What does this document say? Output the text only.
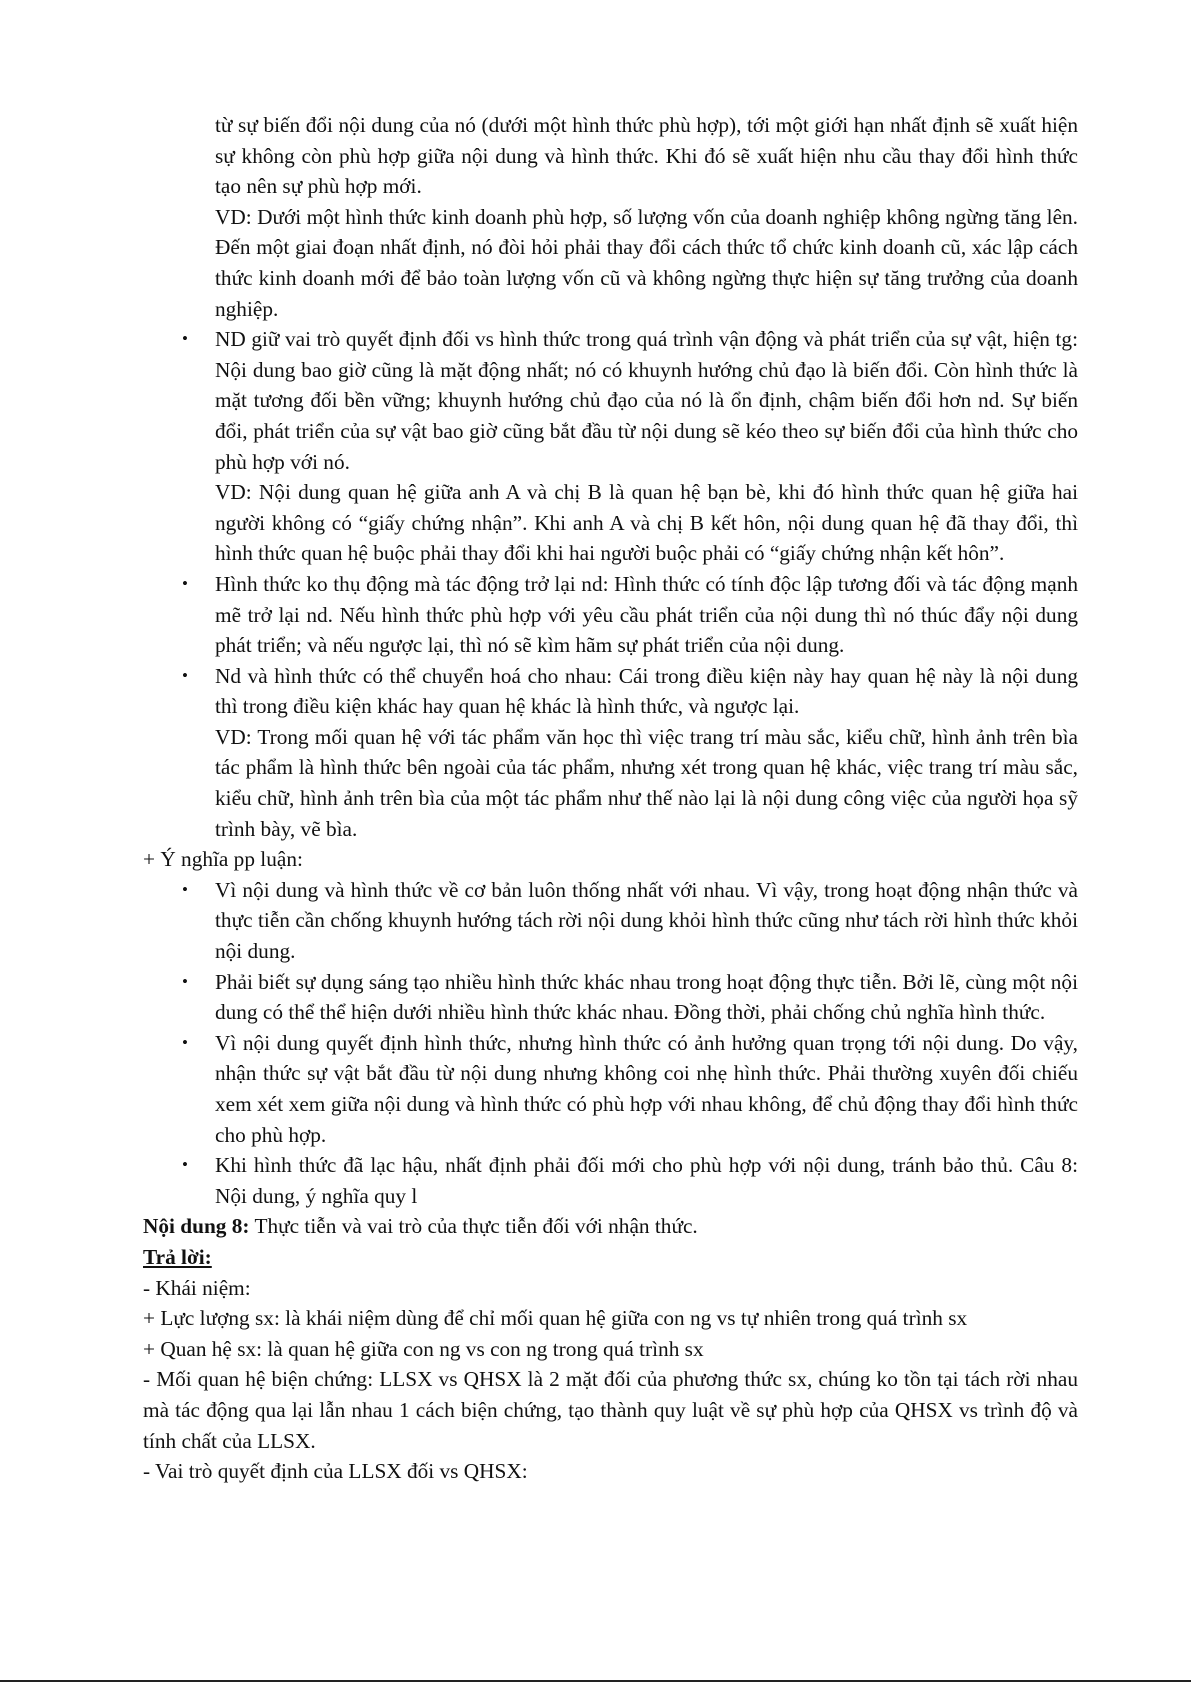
từ sự biến đổi nội dung của nó (dưới một hình thức phù hợp), tới một giới hạn nhất định sẽ xuất hiện sự không còn phù hợp giữa nội dung và hình thức. Khi đó sẽ xuất hiện nhu cầu thay đổi hình thức tạo nên sự phù hợp mới.

VD: Dưới một hình thức kinh doanh phù hợp, số lượng vốn của doanh nghiệp không ngừng tăng lên. Đến một giai đoạn nhất định, nó đòi hỏi phải thay đổi cách thức tổ chức kinh doanh cũ, xác lập cách thức kinh doanh mới để bảo toàn lượng vốn cũ và không ngừng thực hiện sự tăng trưởng của doanh nghiệp.

• ND giữ vai trò quyết định đối vs hình thức trong quá trình vận động và phát triển của sự vật, hiện tg: Nội dung bao giờ cũng là mặt động nhất; nó có khuynh hướng chủ đạo là biến đổi. Còn hình thức là mặt tương đối bền vững; khuynh hướng chủ đạo của nó là ổn định, chậm biến đổi hơn nd. Sự biến đổi, phát triển của sự vật bao giờ cũng bắt đầu từ nội dung sẽ kéo theo sự biến đổi của hình thức cho phù hợp với nó.

VD: Nội dung quan hệ giữa anh A và chị B là quan hệ bạn bè, khi đó hình thức quan hệ giữa hai người không có “giấy chứng nhận”. Khi anh A và chị B kết hôn, nội dung quan hệ đã thay đổi, thì hình thức quan hệ buộc phải thay đổi khi hai người buộc phải có “giấy chứng nhận kết hôn”.

• Hình thức ko thụ động mà tác động trở lại nd: Hình thức có tính độc lập tương đối và tác động mạnh mẽ trở lại nd. Nếu hình thức phù hợp với yêu cầu phát triển của nội dung thì nó thúc đẩy nội dung phát triển; và nếu ngược lại, thì nó sẽ kìm hãm sự phát triển của nội dung.

• Nd và hình thức có thể chuyển hoá cho nhau: Cái trong điều kiện này hay quan hệ này là nội dung thì trong điều kiện khác hay quan hệ khác là hình thức, và ngược lại.

VD: Trong mối quan hệ với tác phẩm văn học thì việc trang trí màu sắc, kiểu chữ, hình ảnh trên bìa tác phẩm là hình thức bên ngoài của tác phẩm, nhưng xét trong quan hệ khác, việc trang trí màu sắc, kiểu chữ, hình ảnh trên bìa của một tác phẩm như thế nào lại là nội dung công việc của người họa sỹ trình bày, vẽ bìa.

+ Ý nghĩa pp luận:

• Vì nội dung và hình thức về cơ bản luôn thống nhất với nhau. Vì vậy, trong hoạt động nhận thức và thực tiễn cần chống khuynh hướng tách rời nội dung khỏi hình thức cũng như tách rời hình thức khỏi nội dung.

• Phải biết sự dụng sáng tạo nhiều hình thức khác nhau trong hoạt động thực tiễn. Bởi lẽ, cùng một nội dung có thể thể hiện dưới nhiều hình thức khác nhau. Đồng thời, phải chống chủ nghĩa hình thức.

• Vì nội dung quyết định hình thức, nhưng hình thức có ảnh hưởng quan trọng tới nội dung. Do vậy, nhận thức sự vật bắt đầu từ nội dung nhưng không coi nhẹ hình thức. Phải thường xuyên đối chiếu xem xét xem giữa nội dung và hình thức có phù hợp với nhau không, để chủ động thay đổi hình thức cho phù hợp.

• Khi hình thức đã lạc hậu, nhất định phải đối mới cho phù hợp với nội dung, tránh bảo thủ. Câu 8: Nội dung, ý nghĩa quy l

Nội dung 8: Thực tiễn và vai trò của thực tiễn đối với nhận thức.

Trả lời:

- Khái niệm:

+ Lực lượng sx: là khái niệm dùng để chỉ mối quan hệ giữa con ng vs tự nhiên trong quá trình sx

+ Quan hệ sx: là quan hệ giữa con ng vs con ng trong quá trình sx

- Mối quan hệ biện chứng: LLSX vs QHSX là 2 mặt đối của phương thức sx, chúng ko tồn tại tách rời nhau mà tác động qua lại lẫn nhau 1 cách biện chứng, tạo thành quy luật về sự phù hợp của QHSX vs trình độ và tính chất của LLSX.

- Vai trò quyết định của LLSX đối vs QHSX:
